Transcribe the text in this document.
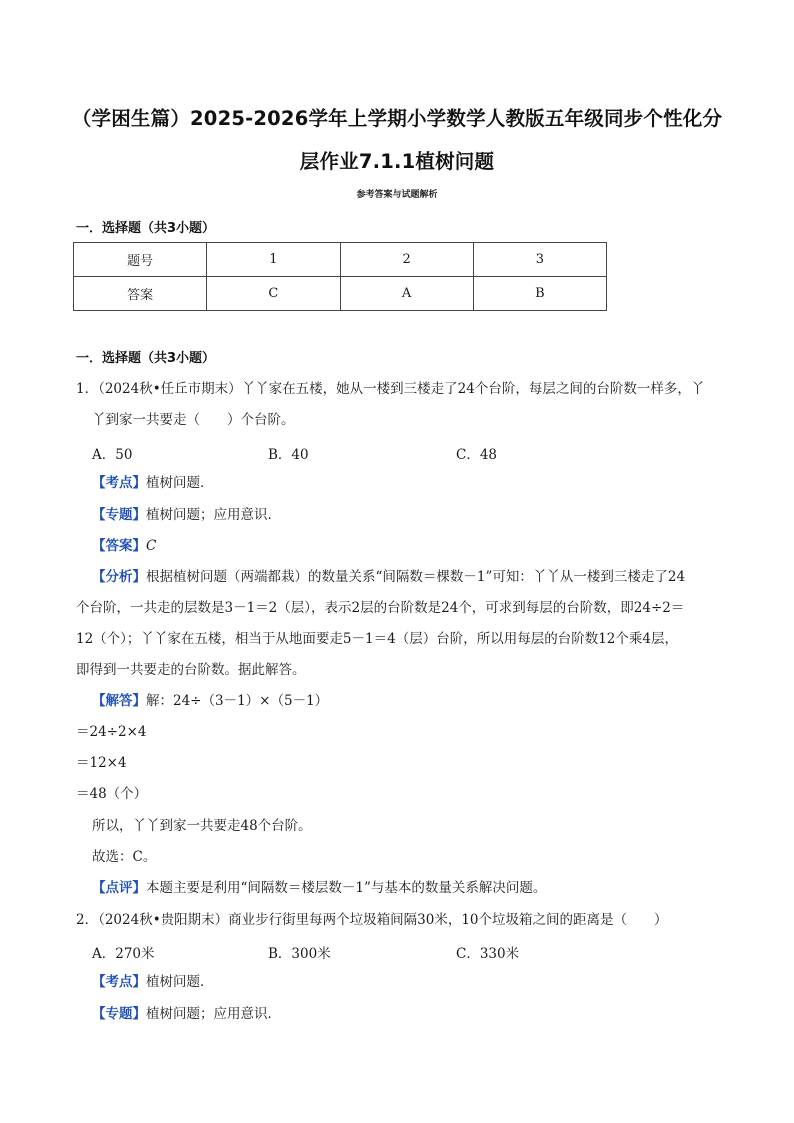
（学困生篇）2025-2026学年上学期小学数学人教版五年级同步个性化分
层作业7.1.1植树问题
参考答案与试题解析
一．选择题（共3小题）
题号	1	2	3
答案	C	A	B
一．选择题（共3小题）
1．（2024秋•任丘市期末）丫丫家在五楼，她从一楼到三楼走了24个台阶，每层之间的台阶数一样多，丫
丫到家一共要走（　　）个台阶。
A．50	B．40	C．48
【考点】植树问题．
【专题】植树问题；应用意识．
【答案】C
【分析】根据植树问题（两端都栽）的数量关系“间隔数＝棵数－1”可知：丫丫从一楼到三楼走了24
个台阶，一共走的层数是3－1＝2（层），表示2层的台阶数是24个，可求到每层的台阶数，即24÷2＝
12（个）；丫丫家在五楼，相当于从地面要走5－1＝4（层）台阶，所以用每层的台阶数12个乘4层，
即得到一共要走的台阶数。据此解答。
【解答】解：24÷（3－1）×（5－1）
＝24÷2×4
＝12×4
＝48（个）
所以，丫丫到家一共要走48个台阶。
故选：C。
【点评】本题主要是利用“间隔数＝楼层数－1”与基本的数量关系解决问题。
2．（2024秋•贵阳期末）商业步行街里每两个垃圾箱间隔30米，10个垃圾箱之间的距离是（　　）
A．270米	B．300米	C．330米
【考点】植树问题．
【专题】植树问题；应用意识．
